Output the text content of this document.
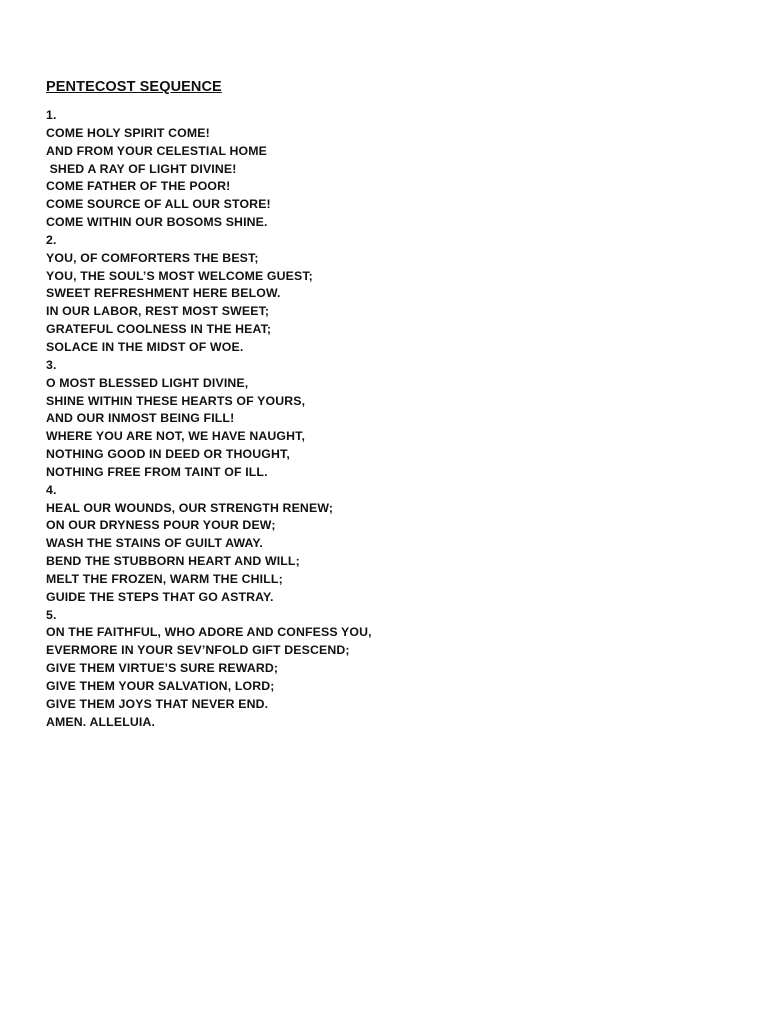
PENTECOST SEQUENCE
1.
COME HOLY SPIRIT COME!
AND FROM YOUR CELESTIAL HOME
SHED A RAY OF LIGHT DIVINE!
COME FATHER OF THE POOR!
COME SOURCE OF ALL OUR STORE!
COME WITHIN OUR BOSOMS SHINE.
2.
YOU, OF COMFORTERS THE BEST;
YOU, THE SOUL’S MOST WELCOME GUEST;
SWEET REFRESHMENT HERE BELOW.
IN OUR LABOR, REST MOST SWEET;
GRATEFUL COOLNESS IN THE HEAT;
SOLACE IN THE MIDST OF WOE.
3.
O MOST BLESSED LIGHT DIVINE,
SHINE WITHIN THESE HEARTS OF YOURS,
AND OUR INMOST BEING FILL!
WHERE YOU ARE NOT, WE HAVE NAUGHT,
NOTHING GOOD IN DEED OR THOUGHT,
NOTHING FREE FROM TAINT OF ILL.
4.
HEAL OUR WOUNDS, OUR STRENGTH RENEW;
ON OUR DRYNESS POUR YOUR DEW;
WASH THE STAINS OF GUILT AWAY.
BEND THE STUBBORN HEART AND WILL;
MELT THE FROZEN, WARM THE CHILL;
GUIDE THE STEPS THAT GO ASTRAY.
5.
ON THE FAITHFUL, WHO ADORE AND CONFESS YOU,
EVERMORE IN YOUR SEV’NFOLD GIFT DESCEND;
GIVE THEM VIRTUE’S SURE REWARD;
GIVE THEM YOUR SALVATION, LORD;
GIVE THEM JOYS THAT NEVER END.
AMEN. ALLELUIA.
